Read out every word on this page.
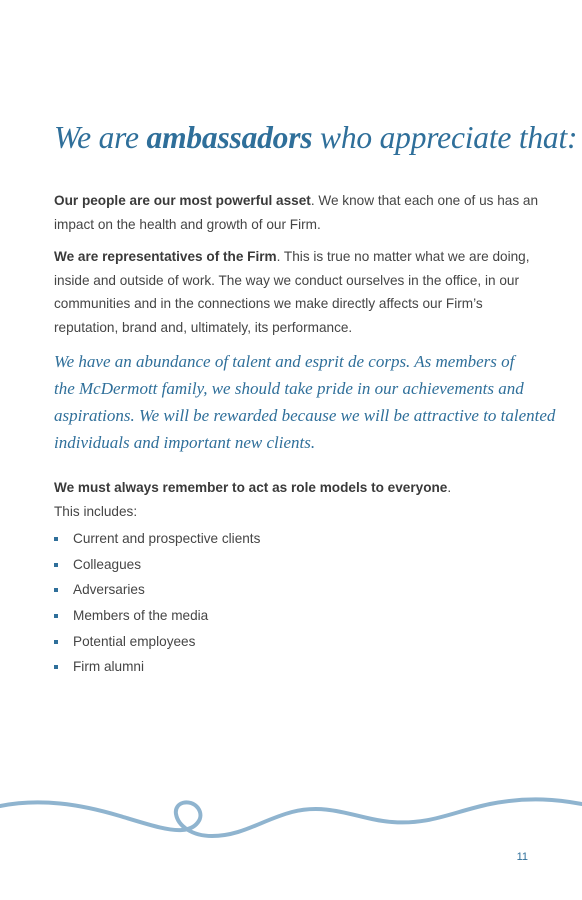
We are ambassadors who appreciate that:
Our people are our most powerful asset. We know that each one of us has an impact on the health and growth of our Firm.
We are representatives of the Firm. This is true no matter what we are doing, inside and outside of work. The way we conduct ourselves in the office, in our communities and in the connections we make directly affects our Firm’s reputation, brand and, ultimately, its performance.
We have an abundance of talent and esprit de corps. As members of
the McDermott family, we should take pride in our achievements and
aspirations. We will be rewarded because we will be attractive to talented
individuals and important new clients.
We must always remember to act as role models to everyone.
This includes:
Current and prospective clients
Colleagues
Adversaries
Members of the media
Potential employees
Firm alumni
11
